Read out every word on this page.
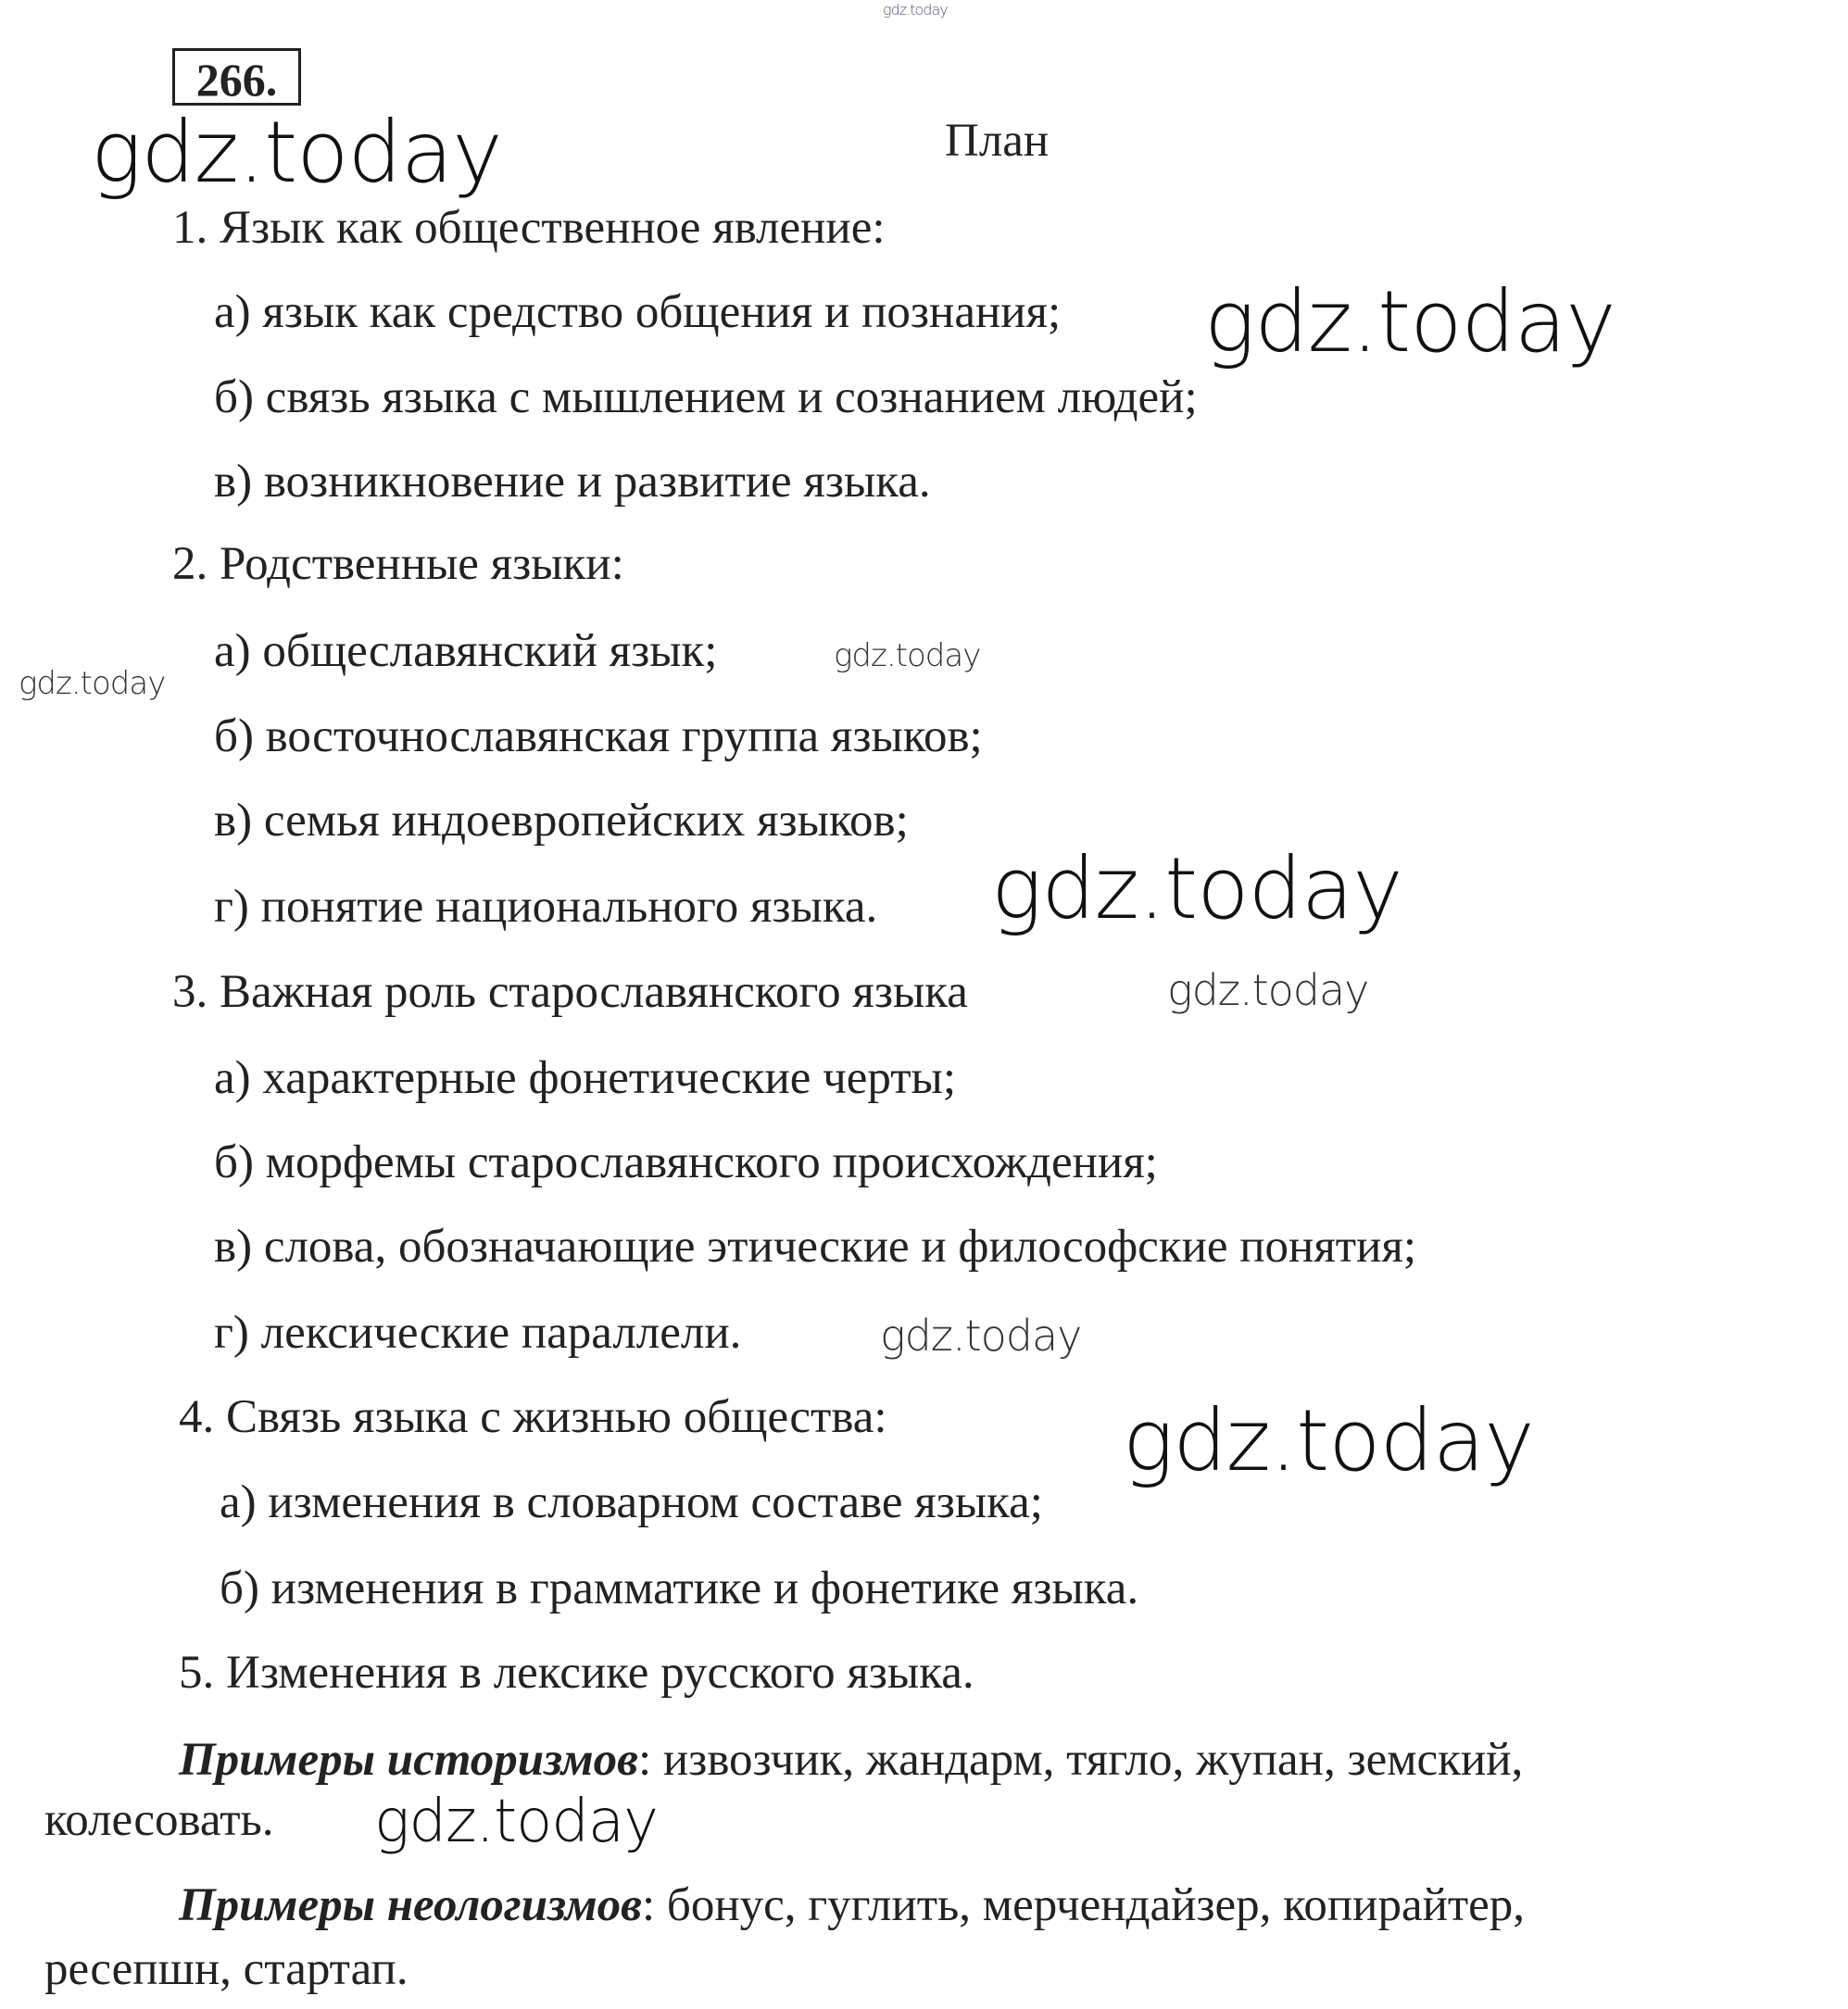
gdz.today
266.
План
1. Язык как общественное явление:
а) язык как средство общения и познания;
б) связь языка с мышлением и сознанием людей;
в) возникновение и развитие языка.
2. Родственные языки:
а) общеславянский язык;
б) восточнославянская группа языков;
в) семья индоевропейских языков;
г) понятие национального языка.
3. Важная роль старославянского языка
а) характерные фонетические черты;
б) морфемы старославянского происхождения;
в) слова, обозначающие этические и философские понятия;
г) лексические параллели.
4. Связь языка с жизнью общества:
а) изменения в словарном составе языка;
б) изменения в грамматике и фонетике языка.
5. Изменения в лексике русского языка.
Примеры историзмов: извозчик, жандарм, тягло, жупан, земский,
колесовать.
Примеры неологизмов: бонус, гуглить, мерчендайзер, копирайтер,
ресепшн, стартап.
gdz.today
gdz.today
gdz.today
gdz.today
gdz.today
gdz.today
gdz.today
gdz.today
gdz.today
